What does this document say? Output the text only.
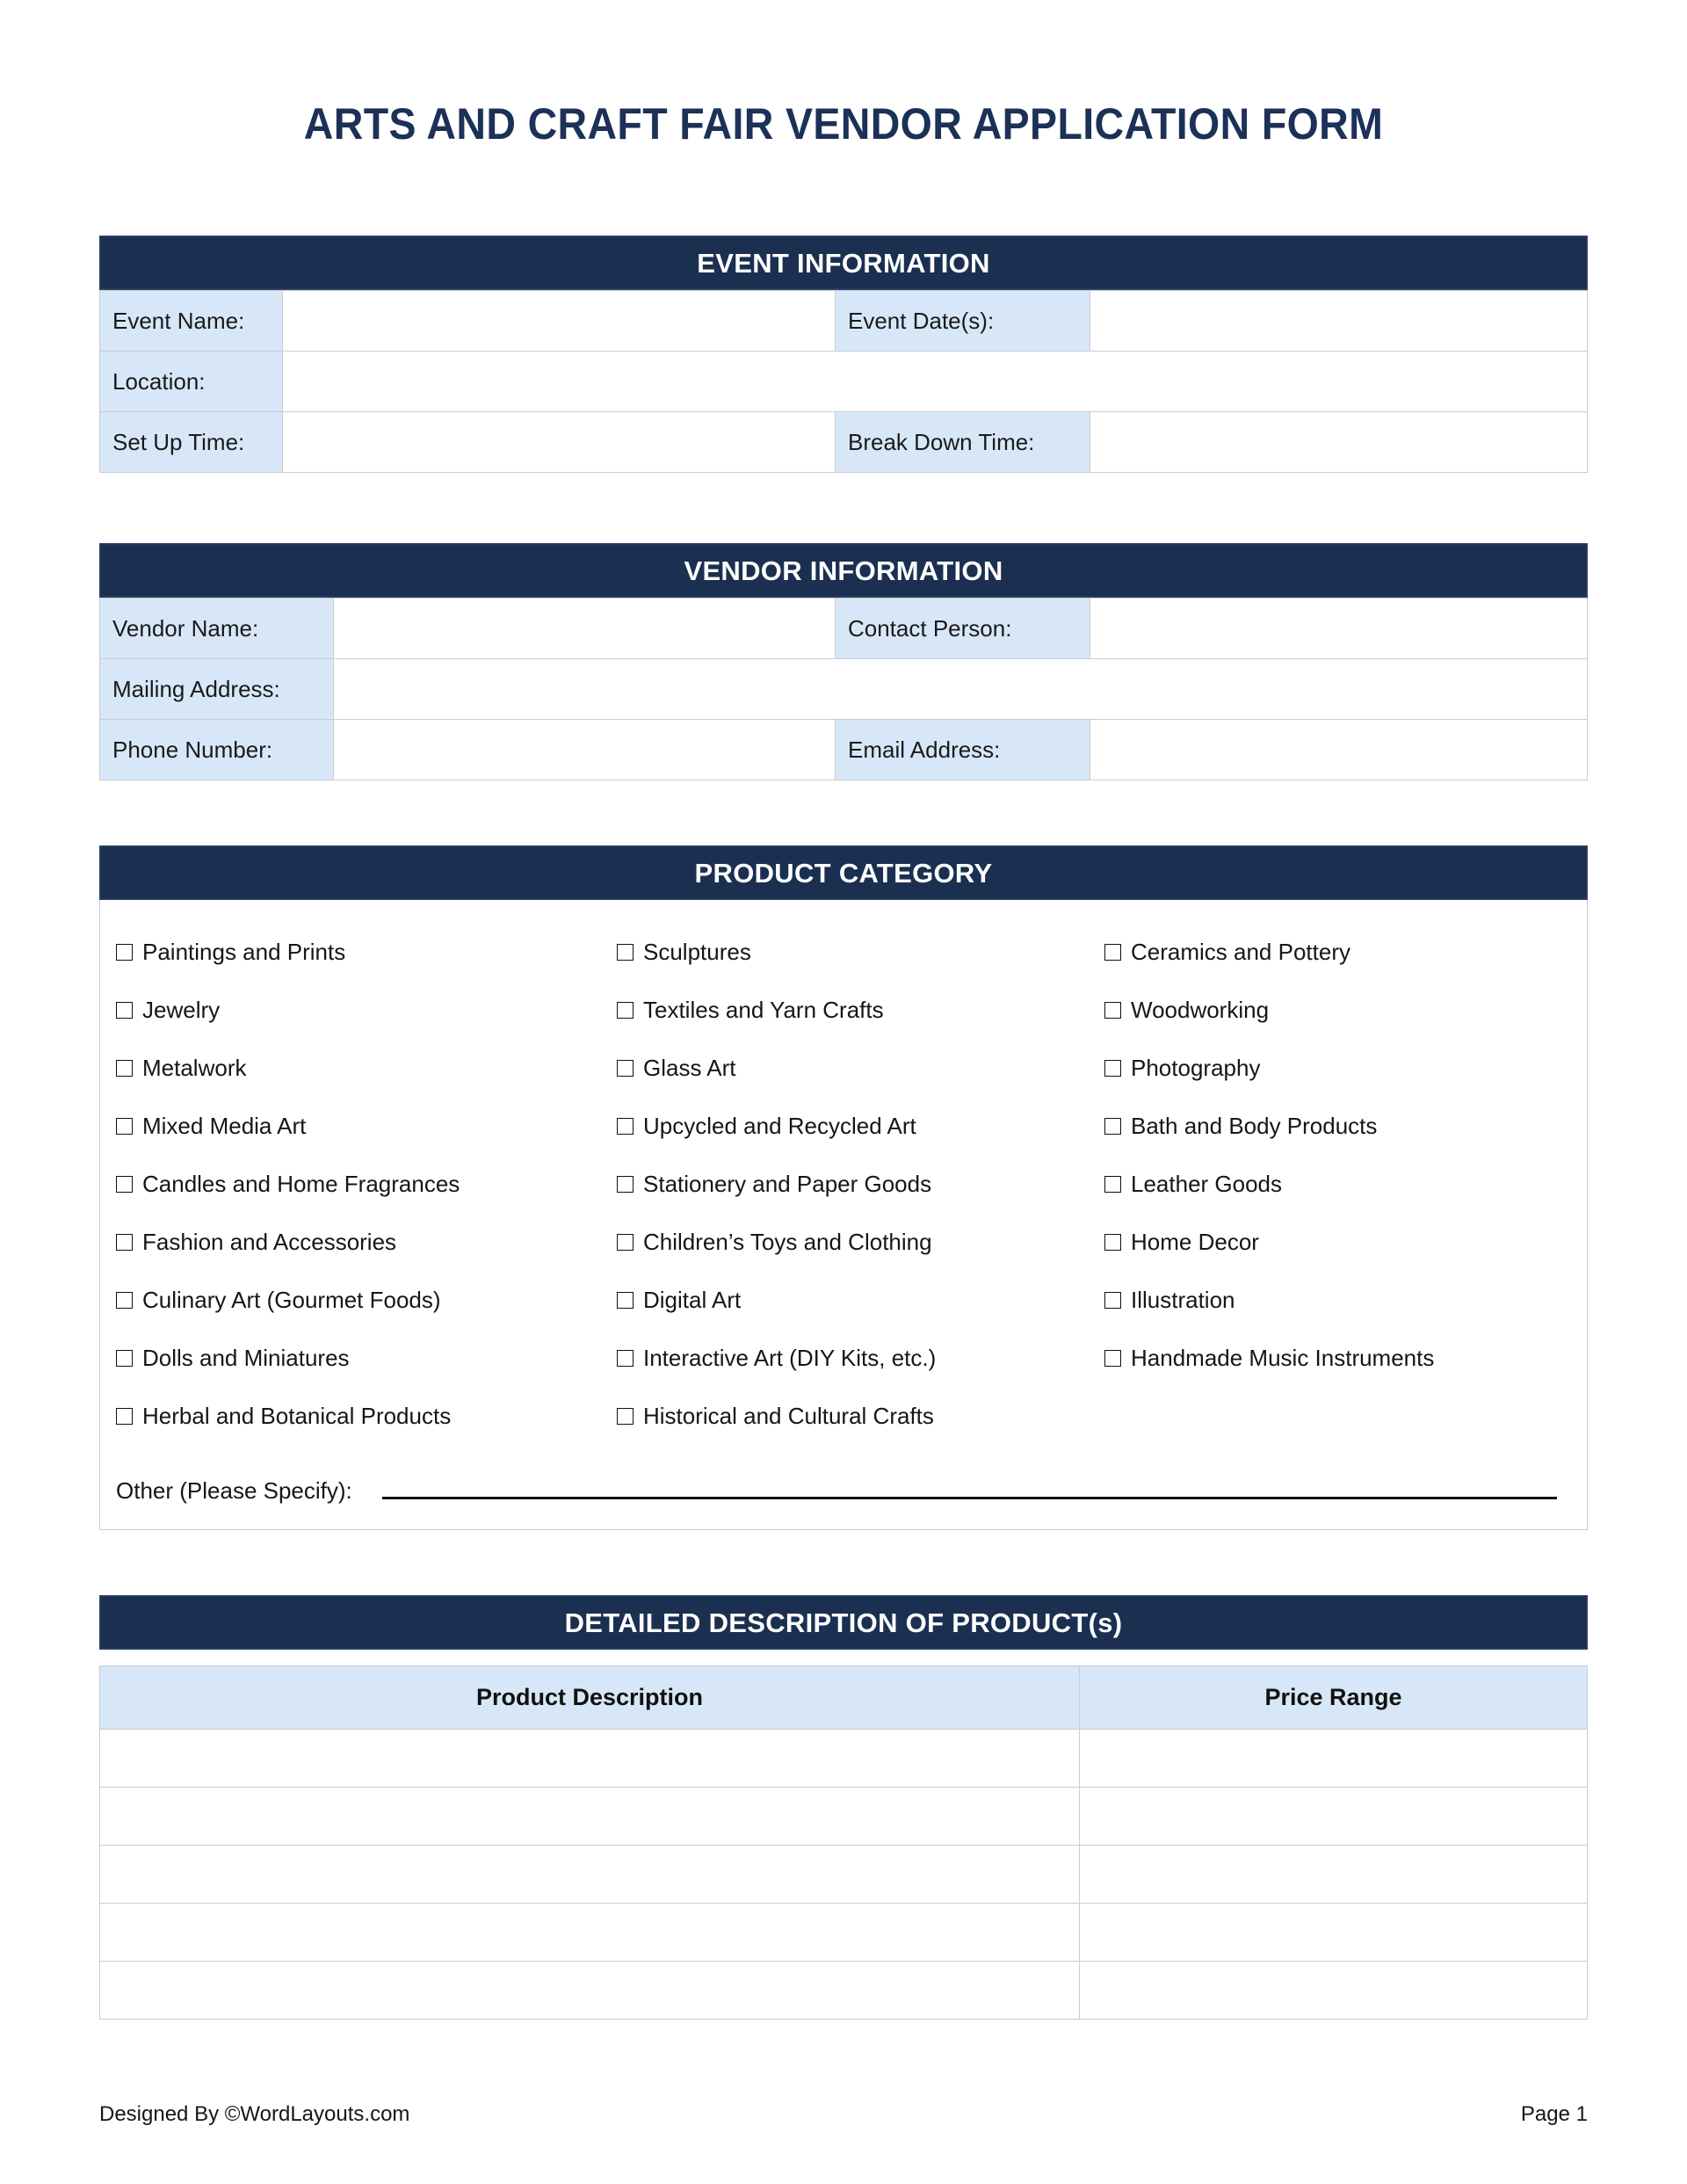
ARTS AND CRAFT FAIR VENDOR APPLICATION FORM
EVENT INFORMATION
Event Name:		Event Date(s):	
Location:			
Set Up Time:		Break Down Time:	
VENDOR INFORMATION
Vendor Name:		Contact Person:	
Mailing Address:			
Phone Number:		Email Address:	
PRODUCT CATEGORY
Paintings and Prints	Sculptures	Ceramics and Pottery
Jewelry	Textiles and Yarn Crafts	Woodworking
Metalwork	Glass Art	Photography
Mixed Media Art	Upcycled and Recycled Art	Bath and Body Products
Candles and Home Fragrances	Stationery and Paper Goods	Leather Goods
Fashion and Accessories	Children’s Toys and Clothing	Home Decor
Culinary Art (Gourmet Foods)	Digital Art	Illustration
Dolls and Miniatures	Interactive Art (DIY Kits, etc.)	Handmade Music Instruments
Herbal and Botanical Products	Historical and Cultural Crafts
Other (Please Specify):
DETAILED DESCRIPTION OF PRODUCT(s)
Product Description	Price Range

Designed By ©WordLayouts.com	Page 1
